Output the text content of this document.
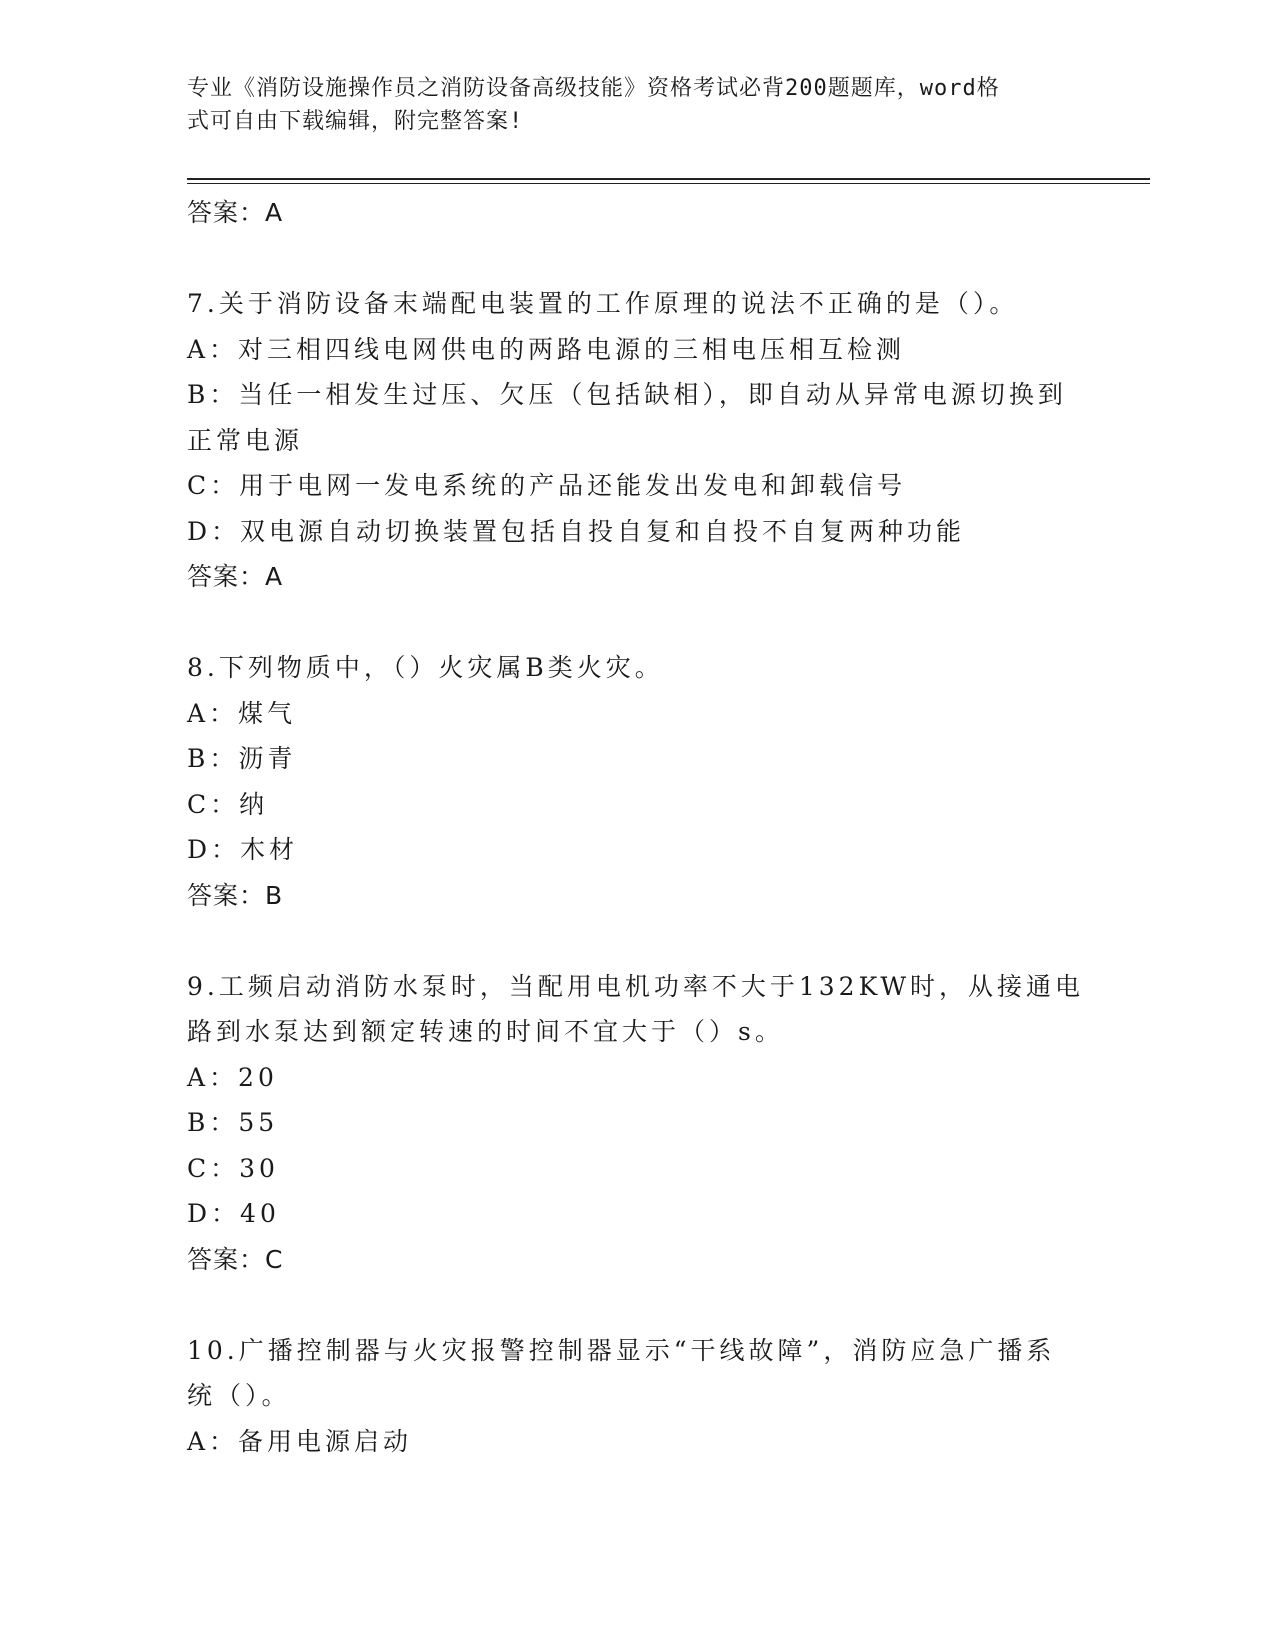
专业《消防设施操作员之消防设备高级技能》资格考试必背200题题库，word格
式可自由下载编辑，附完整答案!
答案：A
7.关于消防设备末端配电装置的工作原理的说法不正确的是（）。
A：对三相四线电网供电的两路电源的三相电压相互检测
B：当任一相发生过压、欠压（包括缺相），即自动从异常电源切换到
正常电源
C：用于电网一发电系统的产品还能发出发电和卸载信号
D：双电源自动切换装置包括自投自复和自投不自复两种功能
答案：A
8.下列物质中，（）火灾属B类火灾。
A：煤气
B：沥青
C：纳
D：木材
答案：B
9.工频启动消防水泵时，当配用电机功率不大于132KW时，从接通电
路到水泵达到额定转速的时间不宜大于（）s。
A：20
B：55
C：30
D：40
答案：C
10.广播控制器与火灾报警控制器显示“干线故障”，消防应急广播系
统（）。
A：备用电源启动
